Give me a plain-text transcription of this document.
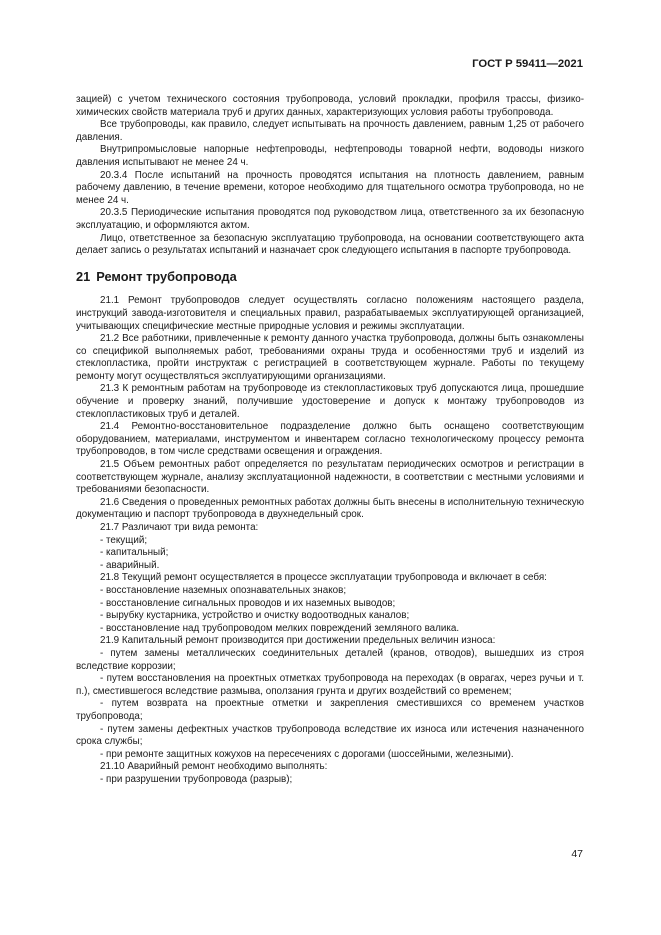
ГОСТ Р 59411—2021

зацией) с учетом технического состояния трубопровода, условий прокладки, профиля трассы, физико-химических свойств материала труб и других данных, характеризующих условия работы трубопровода.

Все трубопроводы, как правило, следует испытывать на прочность давлением, равным 1,25 от рабочего давления.

Внутрипромысловые напорные нефтепроводы, нефтепроводы товарной нефти, водоводы низкого давления испытывают не менее 24 ч.

20.3.4 После испытаний на прочность проводятся испытания на плотность давлением, равным рабочему давлению, в течение времени, которое необходимо для тщательного осмотра трубопровода, но не менее 24 ч.

20.3.5 Периодические испытания проводятся под руководством лица, ответственного за их безопасную эксплуатацию, и оформляются актом.

Лицо, ответственное за безопасную эксплуатацию трубопровода, на основании соответствующего акта делает запись о результатах испытаний и назначает срок следующего испытания в паспорте трубопровода.

21 Ремонт трубопровода

21.1 Ремонт трубопроводов следует осуществлять согласно положениям настоящего раздела, инструкций завода-изготовителя и специальных правил, разрабатываемых эксплуатирующей организацией, учитывающих специфические местные природные условия и режимы эксплуатации.

21.2 Все работники, привлеченные к ремонту данного участка трубопровода, должны быть ознакомлены со спецификой выполняемых работ, требованиями охраны труда и особенностями труб и изделий из стеклопластика, пройти инструктаж с регистрацией в соответствующем журнале. Работы по текущему ремонту могут осуществляться эксплуатирующими организациями.

21.3 К ремонтным работам на трубопроводе из стеклопластиковых труб допускаются лица, прошедшие обучение и проверку знаний, получившие удостоверение и допуск к монтажу трубопроводов из стеклопластиковых труб и деталей.

21.4 Ремонтно-восстановительное подразделение должно быть оснащено соответствующим оборудованием, материалами, инструментом и инвентарем согласно технологическому процессу ремонта трубопроводов, в том числе средствами освещения и ограждения.

21.5 Объем ремонтных работ определяется по результатам периодических осмотров и регистрации в соответствующем журнале, анализу эксплуатационной надежности, в соответствии с местными условиями и требованиями безопасности.

21.6 Сведения о проведенных ремонтных работах должны быть внесены в исполнительную техническую документацию и паспорт трубопровода в двухнедельный срок.

21.7 Различают три вида ремонта:

- текущий;

- капитальный;

- аварийный.

21.8 Текущий ремонт осуществляется в процессе эксплуатации трубопровода и включает в себя:

- восстановление наземных опознавательных знаков;

- восстановление сигнальных проводов и их наземных выводов;

- вырубку кустарника, устройство и очистку водоотводных каналов;

- восстановление над трубопроводом мелких повреждений земляного валика.

21.9 Капитальный ремонт производится при достижении предельных величин износа:

- путем замены металлических соединительных деталей (кранов, отводов), вышедших из строя вследствие коррозии;

- путем восстановления на проектных отметках трубопровода на переходах (в оврагах, через ручьи и т. п.), сместившегося вследствие размыва, оползания грунта и других воздействий со временем;

- путем возврата на проектные отметки и закрепления сместившихся со временем участков трубопровода;

- путем замены дефектных участков трубопровода вследствие их износа или истечения назначенного срока службы;

- при ремонте защитных кожухов на пересечениях с дорогами (шоссейными, железными).

21.10 Аварийный ремонт необходимо выполнять:

- при разрушении трубопровода (разрыв);

47
